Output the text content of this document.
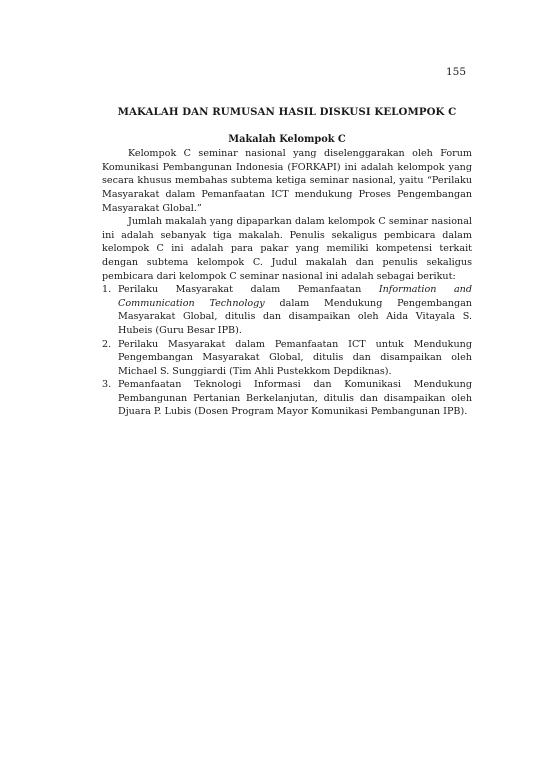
155
MAKALAH DAN RUMUSAN HASIL DISKUSI KELOMPOK C
Makalah Kelompok C

Kelompok C seminar nasional yang diselenggarakan oleh Forum Komunikasi Pembangunan Indonesia (FORKAPI) ini adalah kelompok yang secara khusus membahas subtema ketiga seminar nasional, yaitu “Perilaku Masyarakat dalam Pemanfaatan ICT mendukung Proses Pengembangan Masyarakat Global.”

Jumlah makalah yang dipaparkan dalam kelompok C seminar nasional ini adalah sebanyak tiga makalah. Penulis sekaligus pembicara dalam kelompok C ini adalah para pakar yang memiliki kompetensi terkait dengan subtema kelompok C. Judul makalah dan penulis sekaligus pembicara dari kelompok C seminar nasional ini adalah sebagai berikut:

1. Perilaku Masyarakat dalam Pemanfaatan Information and Communication Technology dalam Mendukung Pengembangan Masyarakat Global, ditulis dan disampaikan oleh Aida Vitayala S. Hubeis (Guru Besar IPB).
2. Perilaku Masyarakat dalam Pemanfaatan ICT untuk Mendukung Pengembangan Masyarakat Global, ditulis dan disampaikan oleh Michael S. Sunggiardi (Tim Ahli Pustekkom Depdiknas).
3. Pemanfaatan Teknologi Informasi dan Komunikasi Mendukung Pembangunan Pertanian Berkelanjutan, ditulis dan disampaikan oleh Djuara P. Lubis (Dosen Program Mayor Komunikasi Pembangunan IPB).
